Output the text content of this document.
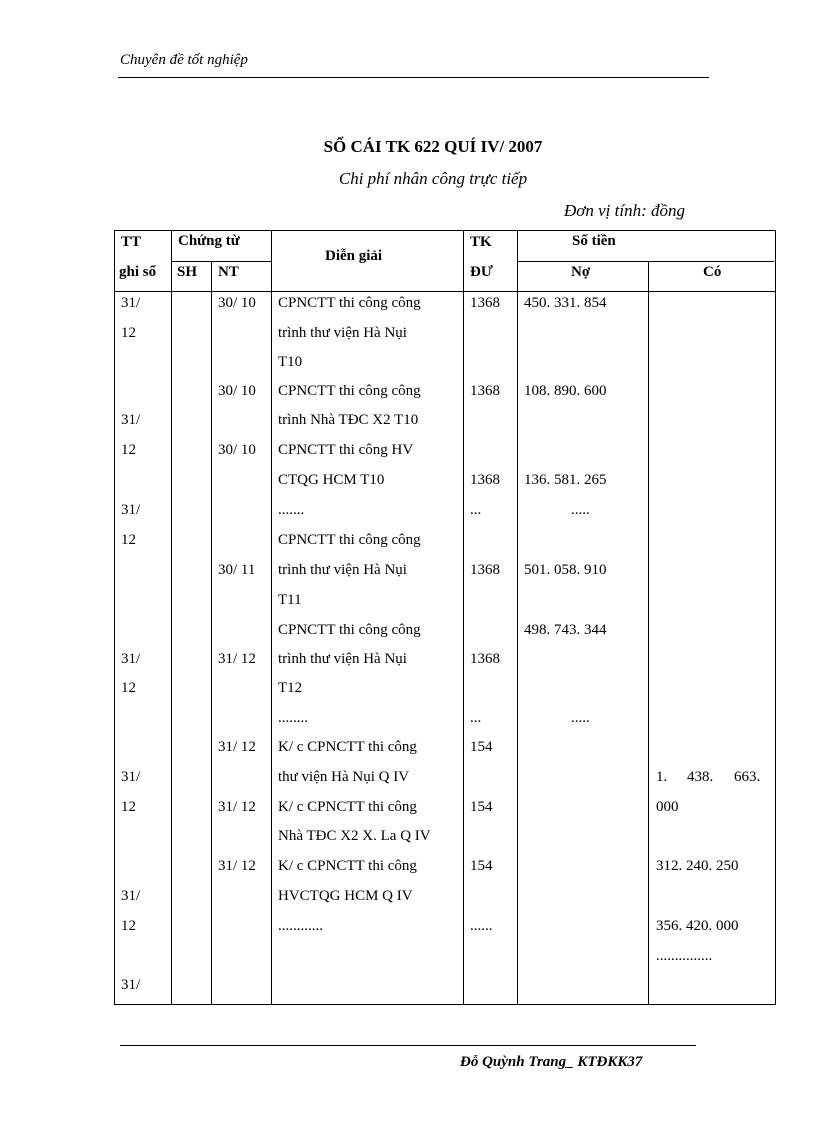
Chuyên đề tốt nghiệp
SỔ CÁI TK 622 QUÍ IV/ 2007
Chi phí nhân công trực tiếp
Đơn vị tính: đồng
TT
ghi sổ
Chứng từ
SH NT
Diễn giải
TK
ĐƯ
Số tiền
Nợ	Có
31/
12
31/
12
31/
12
31/
12
31/
12
31/
12
31/
30/ 10
30/ 10
30/ 10
30/ 11
31/ 12
31/ 12
31/ 12
31/ 12
CPNCTT thi công công
trình thư viện Hà Nụi
T10
CPNCTT thi công công
trình Nhà TĐC X2 T10
CPNCTT thi công HV
CTQG HCM T10
.......
CPNCTT thi công công
trình thư viện Hà Nụi
T11
CPNCTT thi công công
trình thư viện Hà Nụi
T12
........
K/ c CPNCTT thi công
thư viện Hà Nụi Q IV
K/ c CPNCTT thi công
Nhà TĐC X2 X. La Q IV
K/ c CPNCTT thi công
HVCTQG HCM Q IV
............
1368
1368
1368
...
1368
1368
...
154
154
154
......
450. 331. 854
108. 890. 600
136. 581. 265
.....
501. 058. 910
498. 743. 344
.....
1. 438. 663.
000
312. 240. 250
356. 420. 000
...............
Đỗ Quỳnh Trang_ KTĐKK37
